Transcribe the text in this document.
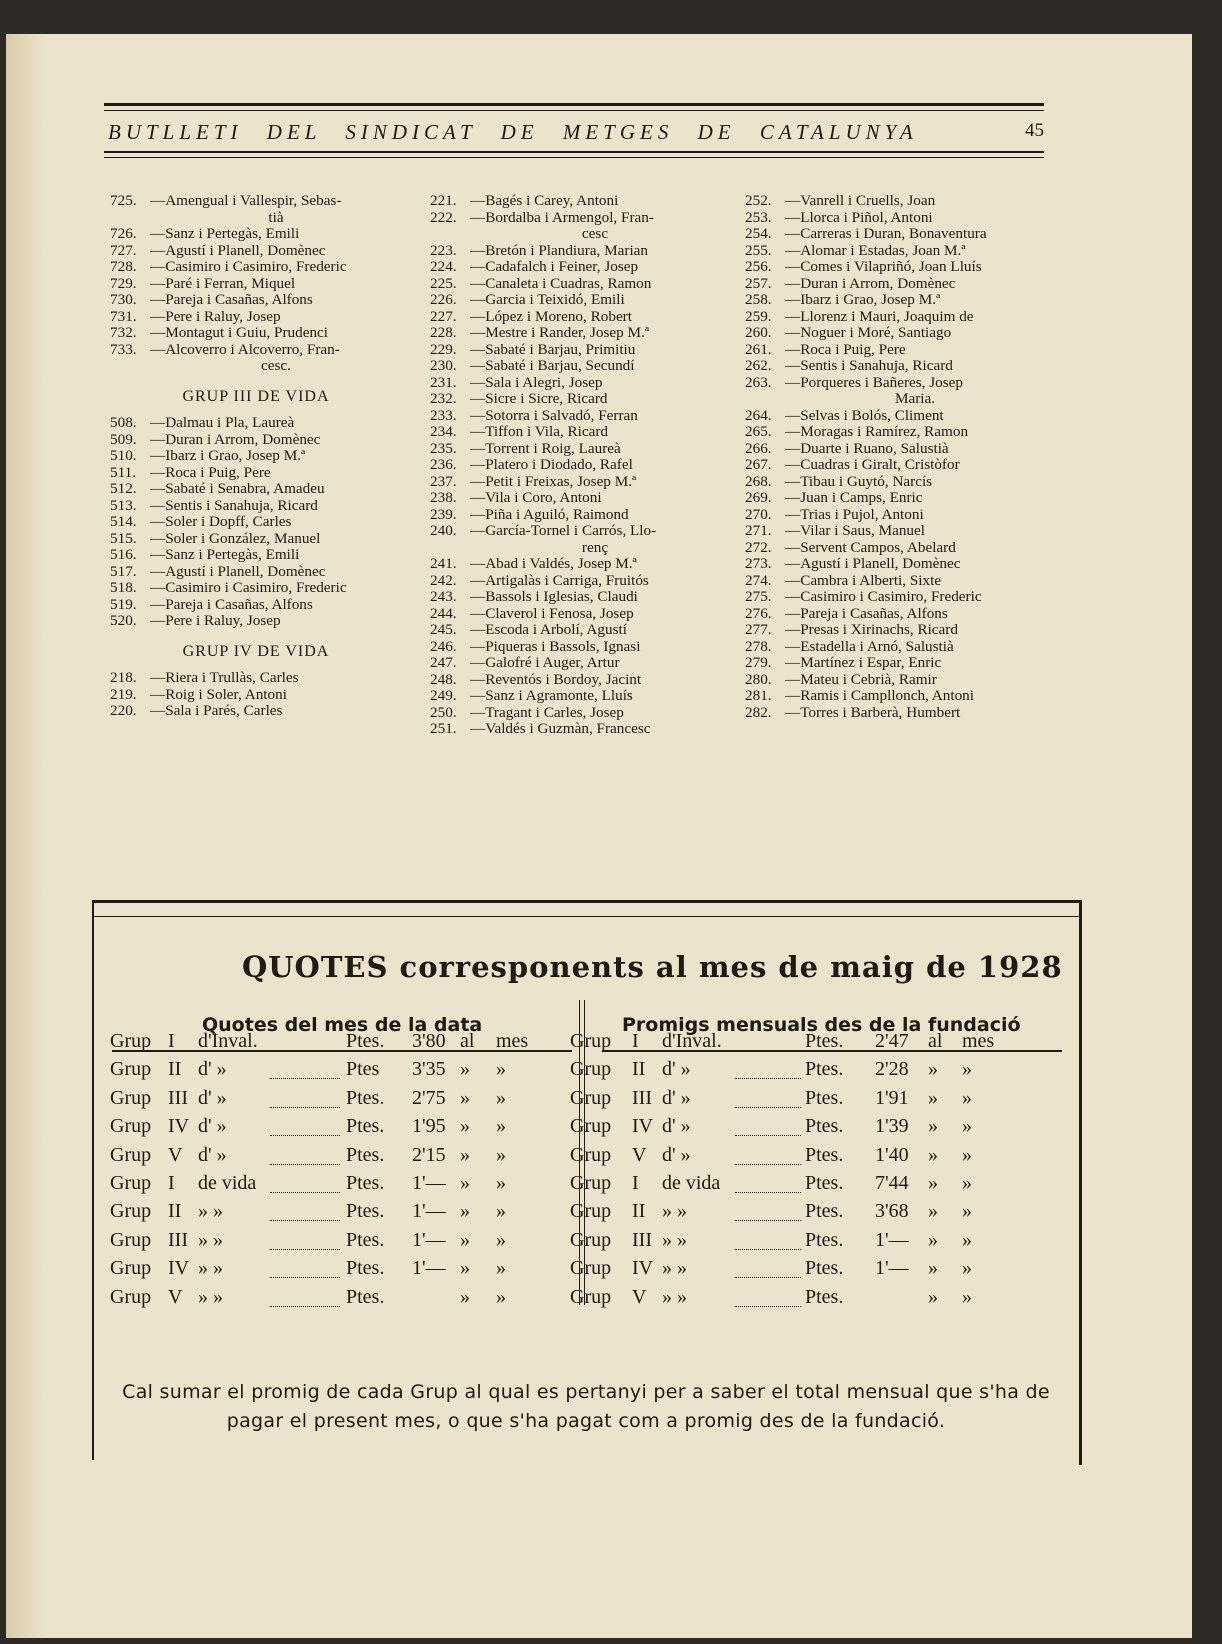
BUTLLETI DEL SINDICAT DE METGES DE CATALUNYA	45
725. —Amengual i Vallespir, Sebas-
tià
726. —Sanz i Pertegàs, Emili
727. —Agustí i Planell, Domènec
728. —Casimiro i Casimiro, Frederic
729. —Paré i Ferran, Miquel
730. —Pareja i Casañas, Alfons
731. —Pere i Raluy, Josep
732. —Montagut i Guiu, Prudenci
733. —Alcoverro i Alcoverro, Fran-
cesc.
GRUP III DE VIDA
508. —Dalmau i Pla, Laureà
509. —Duran i Arrom, Domènec
510. —Ibarz i Grao, Josep M.ª
511. —Roca i Puig, Pere
512. —Sabaté i Senabra, Amadeu
513. —Sentis i Sanahuja, Ricard
514. —Soler i Dopff, Carles
515. —Soler i González, Manuel
516. —Sanz i Pertegàs, Emili
517. —Agustí i Planell, Domènec
518. —Casimiro i Casimiro, Frederic
519. —Pareja i Casañas, Alfons
520. —Pere i Raluy, Josep
GRUP IV DE VIDA
218. —Riera i Trullàs, Carles
219. —Roig i Soler, Antoni
220. —Sala i Parés, Carles
221. —Bagés i Carey, Antoni
222. —Bordalba i Armengol, Fran-
cesc
223. —Bretón i Plandiura, Marian
224. —Cadafalch i Feiner, Josep
225. —Canaleta i Cuadras, Ramon
226. —Garcia i Teixidó, Emili
227. —López i Moreno, Robert
228. —Mestre i Rander, Josep M.ª
229. —Sabaté i Barjau, Primitiu
230. —Sabaté i Barjau, Secundí
231. —Sala i Alegri, Josep
232. —Sicre i Sicre, Ricard
233. —Sotorra i Salvadó, Ferran
234. —Tiffon i Vila, Ricard
235. —Torrent i Roig, Laureà
236. —Platero i Diodado, Rafel
237. —Petit i Freixas, Josep M.ª
238. —Vila i Coro, Antoni
239. —Piña i Aguiló, Raimond
240. —García-Tornel i Carrós, Llo-
renç
241. —Abad i Valdés, Josep M.ª
242. —Artigalàs i Carriga, Fruitós
243. —Bassols i Iglesias, Claudi
244. —Claverol i Fenosa, Josep
245. —Escoda i Arbolí, Agustí
246. —Piqueras i Bassols, Ignasi
247. —Galofré i Auger, Artur
248. —Reventós i Bordoy, Jacint
249. —Sanz i Agramonte, Lluís
250. —Tragant i Carles, Josep
251. —Valdés i Guzmàn, Francesc
252. —Vanrell i Cruells, Joan
253. —Llorca i Piñol, Antoni
254. —Carreras i Duran, Bonaventura
255. —Alomar i Estadas, Joan M.ª
256. —Comes i Vilapriñó, Joan Lluís
257. —Duran i Arrom, Domènec
258. —Ibarz i Grao, Josep M.ª
259. —Llorenz i Mauri, Joaquim de
260. —Noguer i Moré, Santiago
261. —Roca i Puig, Pere
262. —Sentis i Sanahuja, Ricard
263. —Porqueres i Bañeres, Josep
Maria.
264. —Selvas i Bolós, Climent
265. —Moragas i Ramírez, Ramon
266. —Duarte i Ruano, Salustià
267. —Cuadras i Giralt, Cristòfor
268. —Tibau i Guytó, Narcís
269. —Juan i Camps, Enric
270. —Trias i Pujol, Antoni
271. —Vilar i Saus, Manuel
272. —Servent Campos, Abelard
273. —Agustí i Planell, Domènec
274. —Cambra i Alberti, Sixte
275. —Casimiro i Casimiro, Frederic
276. —Pareja i Casañas, Alfons
277. —Presas i Xirinachs, Ricard
278. —Estadella i Arnó, Salustià
279. —Martínez i Espar, Enric
280. —Mateu i Cebrià, Ramir
281. —Ramis i Campllonch, Antoni
282. —Torres i Barberà, Humbert
QUOTES corresponents al mes de maig de 1928
Quotes del mes de la data	Promigs mensuals des de la fundació
Grup I d'Inval.	Ptes. 3'80 al mes
Grup II d' »	Ptes 3'35 » »
Grup III d' »	Ptes. 2'75 » »
Grup IV d' »	Ptes. 1'95 » »
Grup V d' »	Ptes. 2'15 » »
Grup I de vida	Ptes. 1'— » »
Grup II » »	Ptes. 1'— » »
Grup III » »	Ptes. 1'— » »
Grup IV » »	Ptes. 1'— » »
Grup V » »	Ptes.	» »
Grup I d'Inval.	Ptes. 2'47 al mes
Grup II d' »	Ptes. 2'28 » »
Grup III d' »	Ptes. 1'91 » »
Grup IV d' »	Ptes. 1'39 » »
Grup V d' »	Ptes. 1'40 » »
Grup I de vida	Ptes. 7'44 » »
Grup II » »	Ptes. 3'68 » »
Grup III » »	Ptes. 1'— » »
Grup IV » »	Ptes. 1'— » »
Grup V » »	Ptes.	» »
Cal sumar el promig de cada Grup al qual es pertanyi per a saber el total mensual que s'ha de pagar el present mes, o que s'ha pagat com a promig des de la fundació.
